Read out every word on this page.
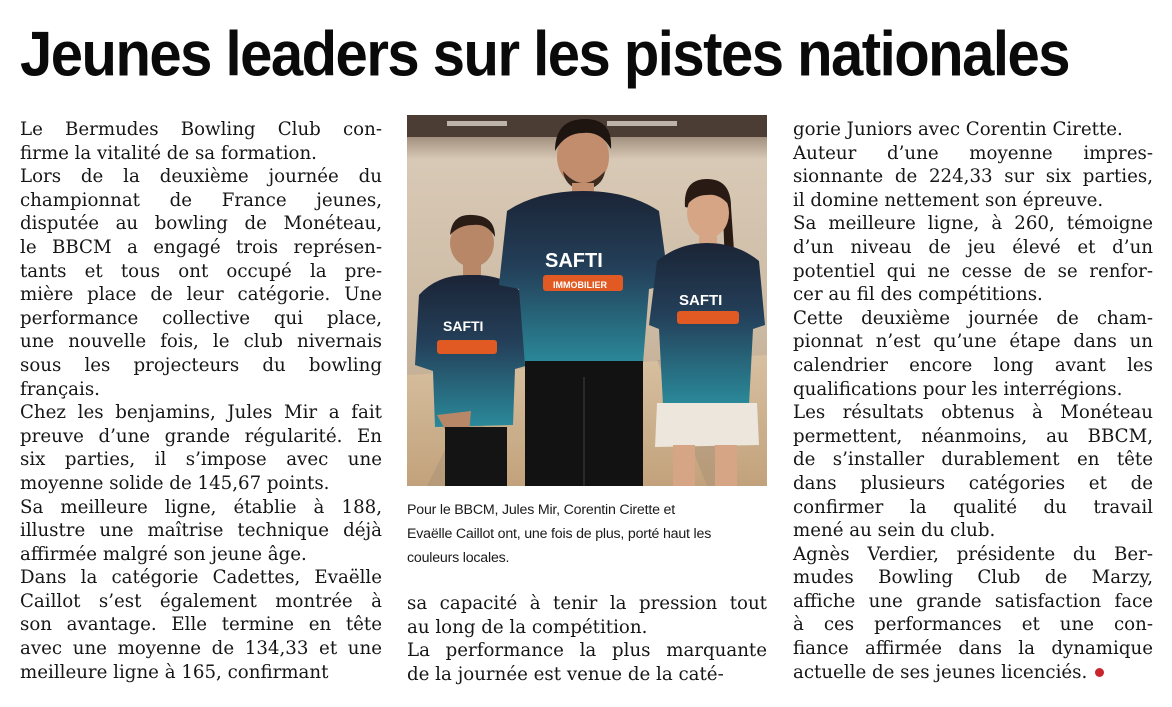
Jeunes leaders sur les pistes nationales
Le Bermudes Bowling Club con-
firme la vitalité de sa formation.
Lors de la deuxième journée du
championnat de France jeunes,
disputée au bowling de Monéteau,
le BBCM a engagé trois représen-
tants et tous ont occupé la pre-
mière place de leur catégorie. Une
performance collective qui place,
une nouvelle fois, le club nivernais
sous les projecteurs du bowling
français.
Chez les benjamins, Jules Mir a fait
preuve d’une grande régularité. En
six parties, il s’impose avec une
moyenne solide de 145,67 points.
Sa meilleure ligne, établie à 188,
illustre une maîtrise technique déjà
affirmée malgré son jeune âge.
Dans la catégorie Cadettes, Evaëlle
Caillot s’est également montrée à
son avantage. Elle termine en tête
avec une moyenne de 134,33 et une
meilleure ligne à 165, confirmant
SAFTI
SAFTI
IMMOBILIER
SAFTI
Pour le BBCM, Jules Mir, Corentin Cirette et
Evaëlle Caillot ont, une fois de plus, porté haut les
couleurs locales.
sa capacité à tenir la pression tout
au long de la compétition.
La performance la plus marquante
de la journée est venue de la caté-
gorie Juniors avec Corentin Cirette.
Auteur d’une moyenne impres-
sionnante de 224,33 sur six parties,
il domine nettement son épreuve.
Sa meilleure ligne, à 260, témoigne
d’un niveau de jeu élevé et d’un
potentiel qui ne cesse de se renfor-
cer au fil des compétitions.
Cette deuxième journée de cham-
pionnat n’est qu’une étape dans un
calendrier encore long avant les
qualifications pour les interrégions.
Les résultats obtenus à Monéteau
permettent, néanmoins, au BBCM,
de s’installer durablement en tête
dans plusieurs catégories et de
confirmer la qualité du travail
mené au sein du club.
Agnès Verdier, présidente du Ber-
mudes Bowling Club de Marzy,
affiche une grande satisfaction face
à ces performances et une con-
fiance affirmée dans la dynamique
actuelle de ses jeunes licenciés.
